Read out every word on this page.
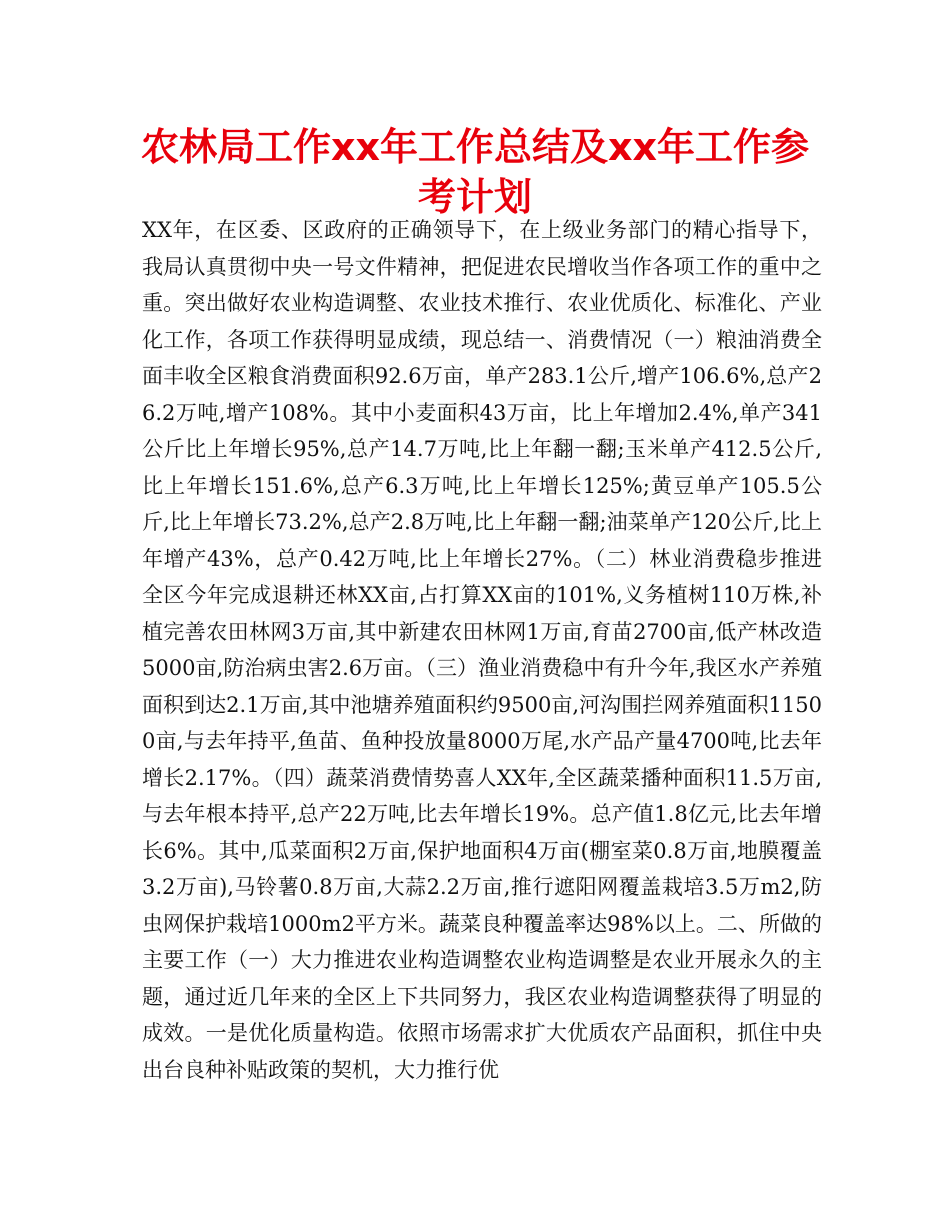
农林局工作xx年工作总结及xx年工作参考计划

XX年，在区委、区政府的正确领导下，在上级业务部门的精心指导下，我局认真贯彻中央一号文件精神，把促进农民增收当作各项工作的重中之重。突出做好农业构造调整、农业技术推行、农业优质化、标准化、产业化工作，各项工作获得明显成绩，现总结一、消费情况（一）粮油消费全面丰收全区粮食消费面积92.6万亩，单产283.1公斤,增产106.6%,总产26.2万吨,增产108%。其中小麦面积43万亩，比上年增加2.4%,单产341公斤比上年增长95%,总产14.7万吨,比上年翻一翻;玉米单产412.5公斤,比上年增长151.6%,总产6.3万吨,比上年增长125%;黄豆单产105.5公斤,比上年增长73.2%,总产2.8万吨,比上年翻一翻;油菜单产120公斤,比上年增产43%，总产0.42万吨,比上年增长27%。（二）林业消费稳步推进全区今年完成退耕还林XX亩,占打算XX亩的101%,义务植树110万株,补植完善农田林网3万亩,其中新建农田林网1万亩,育苗2700亩,低产林改造5000亩,防治病虫害2.6万亩。（三）渔业消费稳中有升今年,我区水产养殖面积到达2.1万亩,其中池塘养殖面积约9500亩,河沟围拦网养殖面积11500亩,与去年持平,鱼苗、鱼种投放量8000万尾,水产品产量4700吨,比去年增长2.17%。（四）蔬菜消费情势喜人XX年,全区蔬菜播种面积11.5万亩,与去年根本持平,总产22万吨,比去年增长19%。总产值1.8亿元,比去年增长6%。其中,瓜菜面积2万亩,保护地面积4万亩(棚室菜0.8万亩,地膜覆盖3.2万亩),马铃薯0.8万亩,大蒜2.2万亩,推行遮阳网覆盖栽培3.5万m2,防虫网保护栽培1000m2平方米。蔬菜良种覆盖率达98%以上。二、所做的主要工作（一）大力推进农业构造调整农业构造调整是农业开展永久的主题，通过近几年来的全区上下共同努力，我区农业构造调整获得了明显的成效。一是优化质量构造。依照市场需求扩大优质农产品面积，抓住中央出台良种补贴政策的契机，大力推行优
